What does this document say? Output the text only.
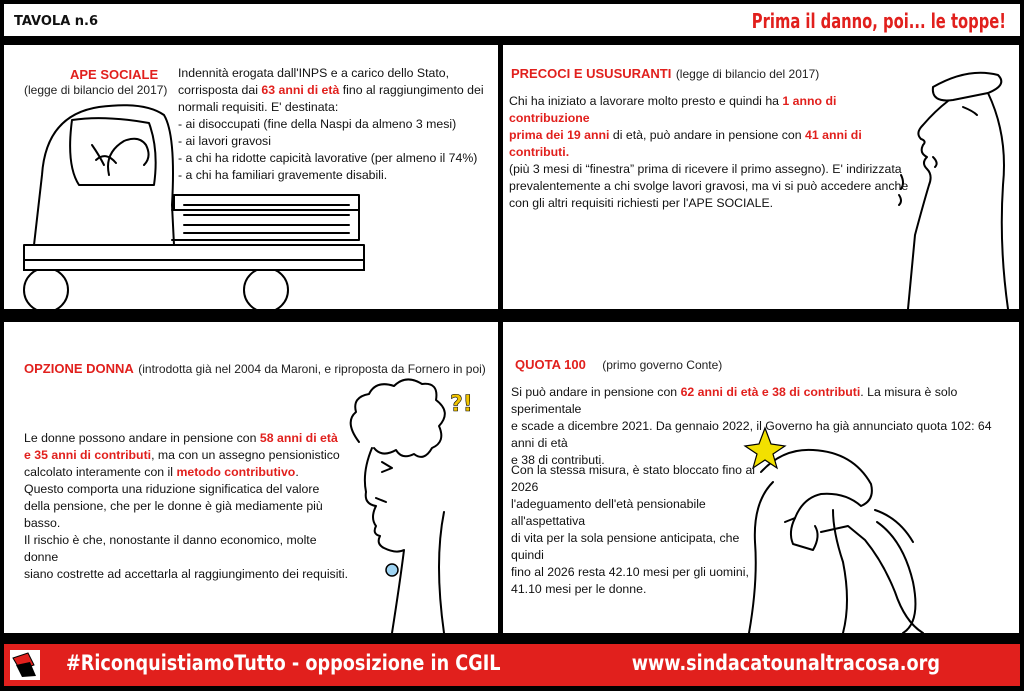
TAVOLA n.6	Prima il danno, poi... le toppe!
APE SOCIALE
(legge di bilancio del 2017)
Indennità erogata dall'INPS e a carico dello Stato,
corrisposta dai 63 anni di età fino al raggiungimento dei
normali requisiti. E' destinata:
- ai disoccupati (fine della Naspi da almeno 3 mesi)
- ai lavori gravosi
- a chi ha ridotte capicità lavorative (per almeno il 74%)
- a chi ha familiari gravemente disabili.
PRECOCI E USUSURANTI (legge di bilancio del 2017)
Chi ha iniziato a lavorare molto presto e quindi ha 1 anno di contribuzione
prima dei 19 anni di età, può andare in pensione con 41 anni di contributi.
(più 3 mesi di “finestra” prima di ricevere il primo assegno). E' indirizzata
prevalentemente a chi svolge lavori gravosi, ma vi si può accedere anche
con gli altri requisiti richiesti per l'APE SOCIALE.
?!
OPZIONE DONNA (introdotta già nel 2004 da Maroni, e riproposta da Fornero in poi)
Le donne possono andare in pensione con 58 anni di età
e 35 anni di contributi, ma con un assegno pensionistico
calcolato interamente con il metodo contributivo.
Questo comporta una riduzione significatica del valore
della pensione, che per le donne è già mediamente più basso.
Il rischio è che, nonostante il danno economico, molte donne
siano costrette ad accettarla al raggiungimento dei requisiti.
QUOTA 100 (primo governo Conte)
Si può andare in pensione con 62 anni di età e 38 di contributi. La misura è solo sperimentale
e scade a dicembre 2021. Da gennaio 2022, il Governo ha già annunciato quota 102: 64 anni di età
e 38 di contributi.
Con la stessa misura, è stato bloccato fino al 2026
l'adeguamento dell'età pensionabile all'aspettativa
di vita per la sola pensione anticipata, che quindi
fino al 2026 resta 42.10 mesi per gli uomini,
41.10 mesi per le donne.
#RiconquistiamoTutto - opposizione in CGIL	www.sindacatounaltracosa.org
